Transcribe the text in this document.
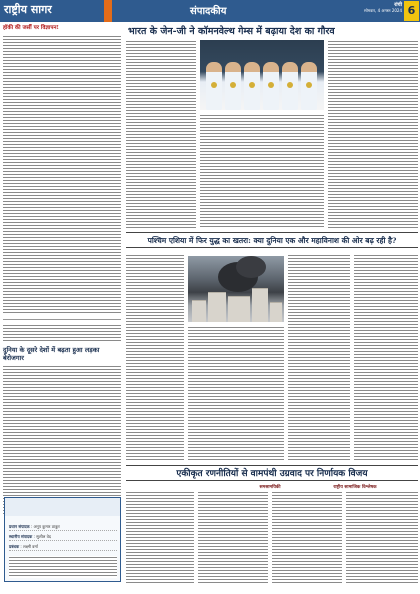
राष्ट्रीय सागर	संपादकीय
रांची
सोमवार, 4 अगस्त 2024 6
हॉकी की जर्सी पर विज्ञापन!
दुनिया के दूसरे देशों में बढ़ता हुआ लड़का बेरोजगार
भारत के जेन-जी ने कॉमनवेल्थ गेम्स में बढ़ाया देश का गौरव
पश्चिम एशिया में फिर युद्ध का खतरा: क्या दुनिया एक और महाविनाश की ओर बढ़ रही है?
एकीकृत रणनीतियों से वामपंथी उग्रवाद पर निर्णायक विजय
समसामयिकी	राष्ट्रीय सामाजिक विश्लेषक
प्रधान संपादक : अनूप कुमार ठाकुर
स्थानीय संपादक : सुशील वेद
प्रबंधक : लक्ष्मी वर्मा
